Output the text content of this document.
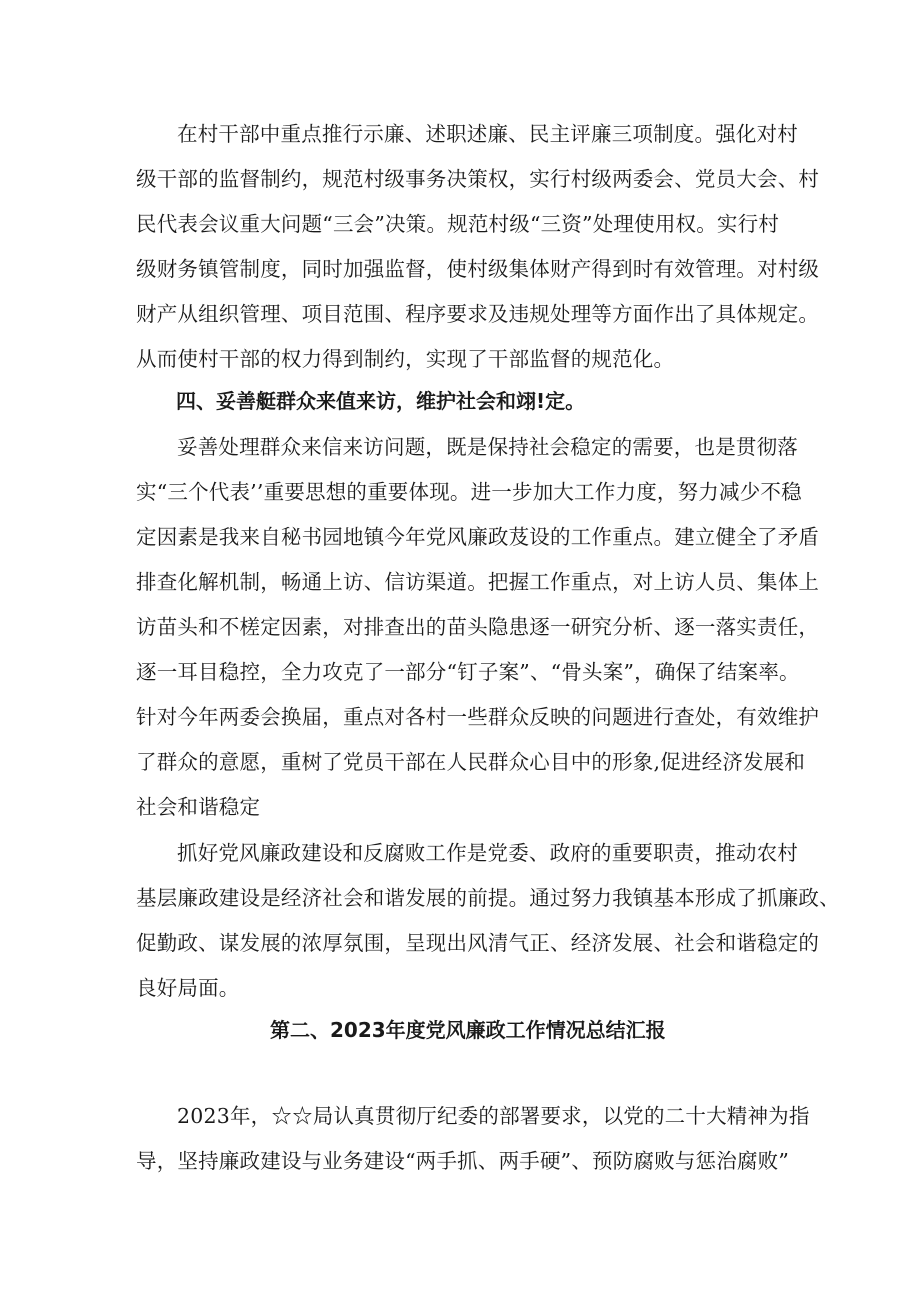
在村干部中重点推行示廉、述职述廉、民主评廉三项制度。强化对村
级干部的监督制约，规范村级事务决策权，实行村级两委会、党员大会、村
民代表会议重大问题“三会”决策。规范村级“三资”处理使用权。实行村
级财务镇管制度，同时加强监督，使村级集体财产得到时有效管理。对村级
财产从组织管理、项目范围、程序要求及违规处理等方面作出了具体规定。
从而使村干部的权力得到制约，实现了干部监督的规范化。
四、妥善艇群众来值来访，维护社会和翊!定。
妥善处理群众来信来访问题，既是保持社会稳定的需要，也是贯彻落
实“三个代表’’重要思想的重要体现。进一步加大工作力度，努力减少不稳
定因素是我来自秘书园地镇今年党风廉政芨设的工作重点。建立健全了矛盾
排查化解机制，畅通上访、信访渠道。把握工作重点，对上访人员、集体上
访苗头和不槎定因素，对排查出的苗头隐患逐一研究分析、逐一落实责任，
逐一耳目稳控，全力攻克了一部分“钉子案”、“骨头案”，确保了结案率。
针对今年两委会换届，重点对各村一些群众反映的问题进行查处，有效维护
了群众的意愿，重树了党员干部在人民群众心目中的形象,促进经济发展和
社会和谐稳定
抓好党风廉政建设和反腐败工作是党委、政府的重要职责，推动农村
基层廉政建设是经济社会和谐发展的前提。通过努力我镇基本形成了抓廉政、
促勤政、谋发展的浓厚氛围，呈现出风清气正、经济发展、社会和谐稳定的
良好局面。
第二、2023年度党风廉政工作情况总结汇报
2023年，☆☆局认真贯彻厅纪委的部署要求，以党的二十大精神为指
导，坚持廉政建设与业务建设“两手抓、两手硬”、预防腐败与惩治腐败”
